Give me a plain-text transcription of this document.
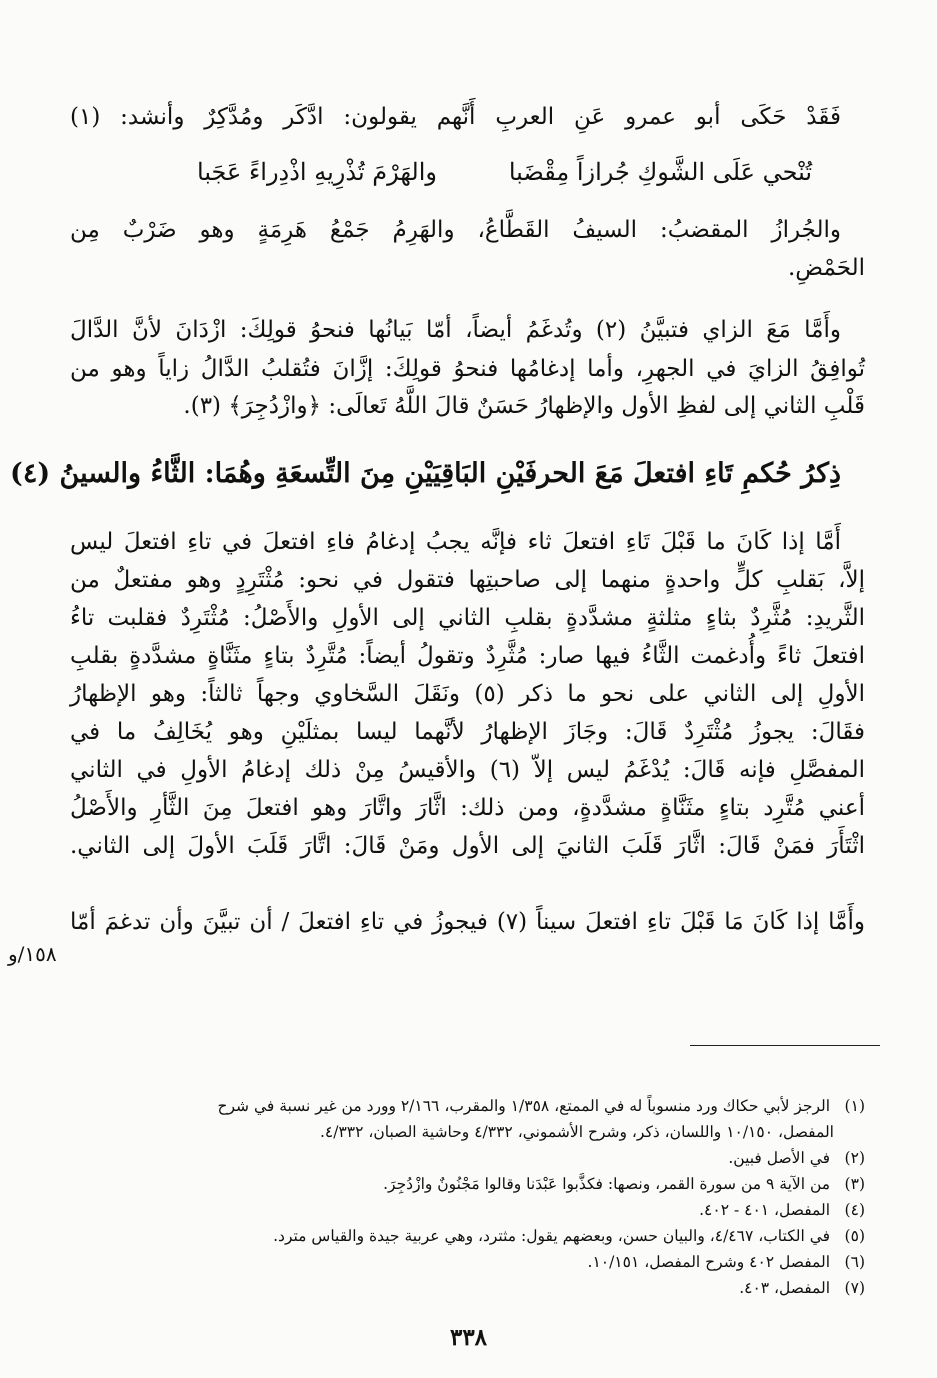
فَقَدْ حَكَى أبو عمرو عَنِ العربِ أَنَّهم يقولون: ادَّكَر ومُدَّكِرٌ وأنشد: (١)
تُنْحي عَلَى الشَّوكِ جُرازاً مِقْضَبا
والهَرْمَ تُذْرِيهِ اذْدِراءً عَجَبا
والجُرازُ المقضبُ: السيفُ القَطَّاعُ، والهَرِمُ جَمْعُ هَرِمَةٍ وهو ضَرْبٌ مِن
الحَمْضِ.
وأَمَّا مَعَ الزاي فتبيَّنُ (٢) وتُدغَمُ أيضاً، أمّا بَيانُها فنحوُ قولِكَ: ازْدَانَ لأنَّ الدَّالَ
تُوافِقُ الزايَ في الجهرِ، وأما إدغامُها فنحوُ قولِكَ: إزَّانَ فتُقلبُ الدَّالُ زاياً وهو من
قَلْبِ الثاني إلى لفظِ الأول والإظهارُ حَسَنٌ قالَ اللَّهُ تَعالَى: ﴿وازْدُجِرَ﴾ (٣).
ذِكرُ حُكمِ تَاءِ افتعلَ مَعَ الحرفَيْنِ البَاقِيَيْنِ مِنَ التِّسعَةِ وهُمَا: الثَّاءُ والسينُ (٤)
أَمَّا إذا كَانَ ما قَبْلَ تَاءِ افتعلَ ثاء فإنَّه يجبُ إدغامُ فاءِ افتعلَ في تاءِ افتعلَ ليس
إلاَّ، بَقلبِ كلٍّ واحدةٍ منهما إلى صاحبتِها فتقول في نحو: مُثْتَرِدٍ وهو مفتعلٌ من
الثَّريدِ: مُثَّرِدٌ بثاءٍ مثلثةٍ مشدَّدةٍ بقلبِ الثاني إلى الأولِ والأَصْلُ: مُثْتَرِدٌ فقلبت تاءُ
افتعلَ ثاءً وأُدغمت الثَّاءُ فيها صار: مُثَّرِدٌ وتقولُ أيضاً: مُتَّرِدٌ بتاءٍ مثَنَّاةٍ مشدَّدةٍ بقلبِ
الأولِ إلى الثاني على نحو ما ذكر (٥) ونَقَلَ السَّخاوي وجهاً ثالثاً: وهو الإظهارُ
فقَالَ: يجوزُ مُثْتَرِدٌ قَالَ: وجَازَ الإظهارُ لأنَّهما ليسا بمثلَيْنِ وهو يُخَالِفُ ما في
المفصَّلِ فإنه قَالَ: يُدْغَمُ ليس إلاّ (٦) والأقيسُ مِنْ ذلك إدغامُ الأولِ في الثاني
أعني مُتَّرِد بتاءٍ مثَنَّاةٍ مشدَّدةٍ، ومن ذلك: اثَّارَ واتَّارَ وهو افتعلَ مِنَ الثَّأرِ والأَصْلُ
اثْتَأَرَ فمَنْ قَالَ: اثَّارَ قَلَبَ الثانيَ إلى الأول ومَنْ قَالَ: اتَّارَ قَلَبَ الأولَ إلى الثاني.
وأَمَّا إذا كَانَ مَا قَبْلَ تاءِ افتعلَ سيناً (٧) فيجوزُ في تاءِ افتعلَ / أن تبيَّنَ وأن تدغمَ أمّا
١٥٨/و
(١) الرجز لأبي حكاك ورد منسوباً له في الممتع، ١/٣٥٨ والمقرب، ٢/١٦٦ وورد من غير نسبة في شرح
المفصل، ١٠/١٥٠ واللسان، ذكر، وشرح الأشموني، ٤/٣٣٢ وحاشية الصبان، ٤/٣٣٢.
(٢) في الأصل فبين.
(٣) من الآية ٩ من سورة القمر، ونصها: فكذَّبوا عَبْدَنا وقالوا مَجْنُونٌ وازْدُجِرَ.
(٤) المفصل، ٤٠١ - ٤٠٢.
(٥) في الكتاب، ٤/٤٦٧، والبيان حسن، وبعضهم يقول: مثترد، وهي عربية جيدة والقياس مترد.
(٦) المفصل ٤٠٢ وشرح المفصل، ١٠/١٥١.
(٧) المفصل، ٤٠٣.
٣٣٨
